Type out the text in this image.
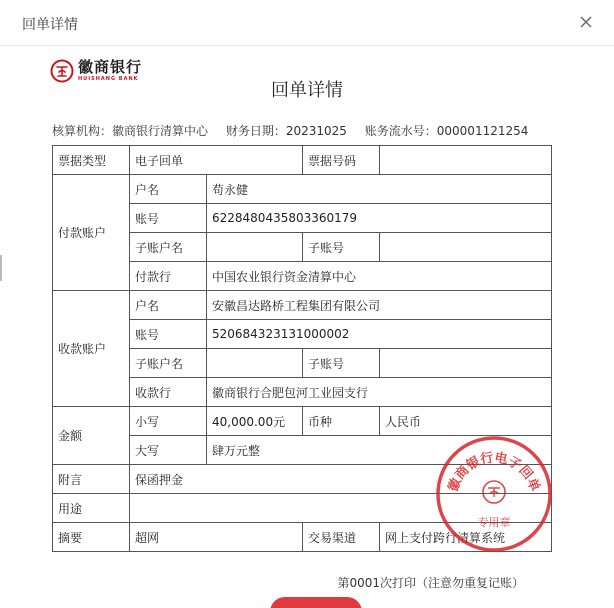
回单详情
徽商银行
HUISHANG BANK
回单详情
核算机构：徽商银行清算中心 财务日期：20231025 账务流水号：000001121254
票据类型	电子回单		票据号码	
付款账户	户名	苟永健		
	账号	6228480435803360179		
	子账户名		子账号	
	付款行	中国农业银行资金清算中心		
收款账户	户名	安徽昌达路桥工程集团有限公司		
	账号	520684323131000002		
	子账户名		子账号	
	收款行	徽商银行合肥包河工业园支行		
金额	小写	40,000.00元	币种	人民币
	大写	肆万元整		
附言	保函押金			
用途				
摘要	超网		交易渠道	网上支付跨行清算系统
徽商银行电子回单
专用章
第0001次打印（注意勿重复记账）
